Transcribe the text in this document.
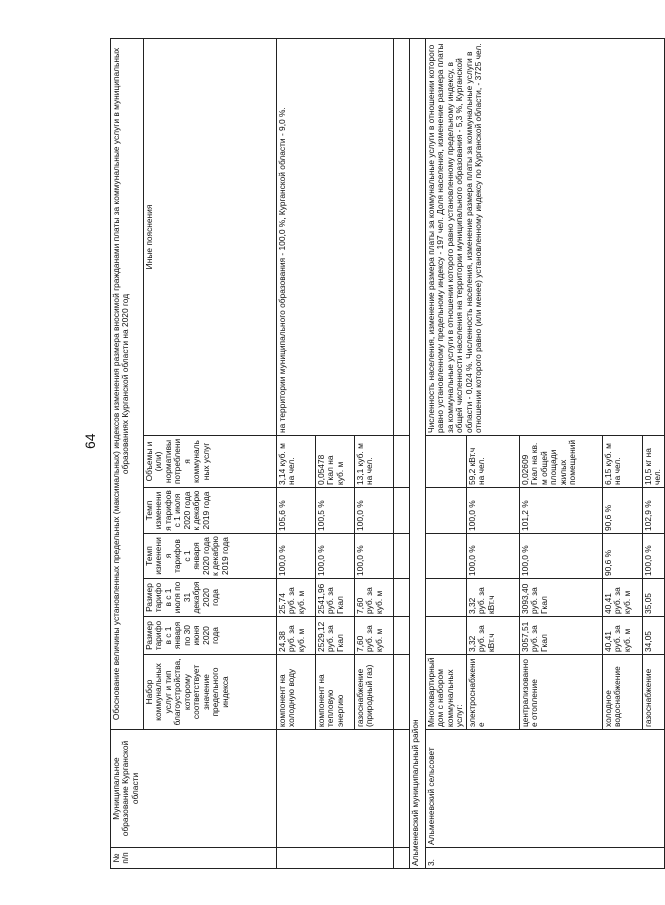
64
№ п/п	Муниципальное образование Курганской области	Обоснование величины установленных предельных (максимальных) индексов изменения размера вносимой гражданами платы за коммунальные услуги в муниципальных образованиях Курганской области на 2020 год						
		Набор коммунальных услуг и тип благоустройства, которому соответствует значение предельного индекса	Размер тарифов с 1 января по 30 июня 2020 года	Размер тарифов с 1 июля по 31 декабря 2020 года	Темп изменения тарифов с 1 января 2020 года к декабрю 2019 года	Темп изменения тарифов с 1 июля 2020 года к декабрю 2019 года	Объемы и (или) нормативы потребления коммунальных услуг	Иные пояснения
		компонент на холодную воду	24,38 руб. за куб. м	25,74 руб. за куб. м	100,0 %	105,6 %	3,14 куб. м на чел.	на территории муниципального образования - 100,0 %, Курганской области - 9,0 %.
		компонент на тепловую энергию	2529,12 руб. за Гкал	2541,96 руб. за Гкал	100,0 %	100,5 %	0,05478 Гкал на куб. м	
		газоснабжение (природный газ)	7,60 руб. за куб. м	7,60 руб. за куб. м	100,0 %	100,0 %	13,1 куб. м на чел.	

Альменевский муниципальный район								
3.	Альменевский сельсовет	Многоквартирный дом с набором коммунальных услуг:						Численность населения, изменение размера платы за коммунальные услуги в отношении которого равно установленному предельному индексу - 197 чел. Доля населения, изменение размера платы за коммунальные услуги в отношении которого равно установленному предельному индексу, в общей численности населения на территории муниципального образования - 5,3 %, Курганской области - 0,024 %. Численность населения, изменение размера платы за коммунальные услуги в отношении которого равно (или менее) установленному индексу по Курганской области, - 3725 чел.
		электроснабжение	3,32 руб. за кВт.ч	3,32 руб. за кВт.ч	100,0 %	100,0 %	59,2 кВт.ч на чел.	
		централизованное отопление	3057,51 руб. за Гкал	3093,40 руб. за Гкал	100,0 %	101,2 %	0,02609 Гкал на кв. м общей площади жилых помещений	
		холодное водоснабжение	40,41 руб. за куб. м	40,41 руб. за куб. м	90,6 %	90,6 %	6,15 куб. м на чел.	
		газоснабжение	34,05	35,05	100,0 %	102,9 %	10,5 кг на чел.	
